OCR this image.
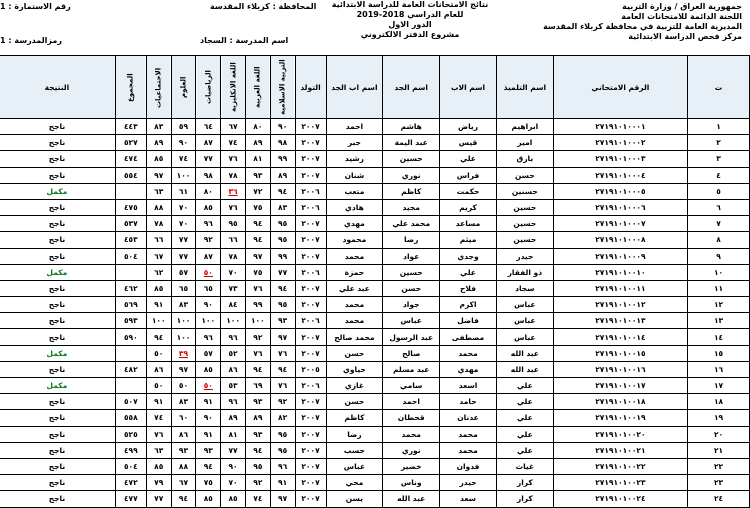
جمهورية العراق / وزارة التربية
اللجنة الدائمة للامتحانات العامة
المديرية العامة للتربية في محافظة كربلاء المقدسة
مركز فحص الدراسة الابتدائية
نتائج الامتحانات العامة للدراسة الابتدائية
للعام الدراسي 2018-2019
الدور الاول
مشروع الدفتر الالكتروني
المحافظة : كربلاء المقدسة
رقم الاستمارة : 1
اسم المدرسة : السجاد
رمزالمدرسة : 1
ت	الرقم الامتحاني	اسم التلميذ	اسم الاب	اسم الجد	اسم اب الجد	التولد	التربية الاسلامية	اللغة العربية	اللغة الانكليزية	الرياضيات	العلوم	الاجتماعيات	المجموع	النتيجة
١	٢٧١٩١٠١٠٠٠١	ابراهيم	رياض	هاشم	احمد	٢٠٠٧	٩٠	٨٠	٦٧	٦٤	٥٩	٨٣	٤٤٣	ناجح
٢	٢٧١٩١٠١٠٠٠٢	امير	قيس	عبد اليمة	جبر	٢٠٠٧	٩٨	٨٩	٧٤	٨٧	٩٠	٨٩	٥٢٧	ناجح
٣	٢٧١٩١٠١٠٠٠٣	بارق	علي	حسين	رشيد	٢٠٠٧	٩٩	٨١	٧٦	٧٧	٧٤	٨٥	٤٧٤	ناجح
٤	٢٧١٩١٠١٠٠٠٤	حسن	فراس	نوري	شنان	٢٠٠٧	٨٩	٩٣	٧٨	٩٨	١٠٠	٩٧	٥٥٤	ناجح
٥	٢٧١٩١٠١٠٠٠٥	حسنين	حكمت	كاظم	متعب	٢٠٠٦	٩٤	٧٢	٣٦	٨٠	٦١	٦٣		مكمل
٦	٢٧١٩١٠١٠٠٠٦	حسين	كريم	مجيد	هادي	٢٠٠٦	٨٣	٧٥	٧٦	٨٥	٧٠	٨٨	٤٧٥	ناجح
٧	٢٧١٩١٠١٠٠٠٧	حسين	مساعد	محمد علي	مهدي	٢٠٠٧	٩٥	٩٤	٩٥	٩٦	٧٠	٧٨	٥٣٧	ناجح
٨	٢٧١٩١٠١٠٠٠٨	حسين	ميثم	رضا	محمود	٢٠٠٧	٩٥	٩٤	٦٦	٩٢	٧٧	٦٦	٤٥٣	ناجح
٩	٢٧١٩١٠١٠٠٠٩	حيدر	وجدي	عواد	محمد	٢٠٠٧	٩٩	٩٧	٧٨	٨٧	٧٧	٦٧	٥٠٤	ناجح
١٠	٢٧١٩١٠١٠٠١٠	ذو الفقار	علي	حسين	حمزة	٢٠٠٦	٧٧	٧٥	٧٠	٥٠	٥٧	٦٢		مكمل
١١	٢٧١٩١٠١٠٠١١	سجاد	فلاح	حسن	عبد علي	٢٠٠٧	٩٤	٧٦	٧٣	٦٥	٦٥	٨٥	٤٦٢	ناجح
١٢	٢٧١٩١٠١٠٠١٢	عباس	اكرم	جواد	محمد	٢٠٠٧	٩٥	٩٩	٨٤	٩٠	٨٣	٩١	٥٦٩	ناجح
١٣	٢٧١٩١٠١٠٠١٣	عباس	فاضل	عباس	محمد	٢٠٠٦	٩٣	١٠٠	١٠٠	١٠٠	١٠٠	١٠٠	٥٩٣	ناجح
١٤	٢٧١٩١٠١٠٠١٤	عباس	مصطفى	عبد الرسول	محمد صالح	٢٠٠٧	٩٧	٩٢	٩٦	٩٦	١٠٠	٩٤	٥٩٠	ناجح
١٥	٢٧١٩١٠١٠٠١٥	عبد الله	محمد	صالح	حسن	٢٠٠٧	٧٦	٧٦	٥٢	٥٧	٣٩	٥٠		مكمل
١٦	٢٧١٩١٠١٠٠١٦	عبد الله	مهدي	عبد مسلم	حياوي	٢٠٠٥	٩٤	٩٤	٨٦	٨٥	٩٧	٨٦	٤٨٢	ناجح
١٧	٢٧١٩١٠١٠٠١٧	علي	اسعد	سامي	غازي	٢٠٠٦	٧٦	٦٩	٥٣	٥٠	٥٠	٥٠		مكمل
١٨	٢٧١٩١٠١٠٠١٨	علي	حامد	احمد	حسن	٢٠٠٧	٩٢	٩٣	٩٦	٩١	٨٣	٩١	٥٠٧	ناجح
١٩	٢٧١٩١٠١٠٠١٩	علي	عدنان	قحطان	كاظم	٢٠٠٧	٨٢	٨٩	٨٩	٩٠	٦٠	٧٤	٥٥٨	ناجح
٢٠	٢٧١٩١٠١٠٠٢٠	علي	محمد	محمد	رضا	٢٠٠٧	٩٥	٩٣	٨١	٩١	٨٦	٧٦	٥٢٥	ناجح
٢١	٢٧١٩١٠١٠٠٢١	علي	محمد	نوري	حسب	٢٠٠٧	٩٥	٩٤	٧٧	٩٣	٩٣	٦٣	٤٩٩	ناجح
٢٢	٢٧١٩١٠١٠٠٢٢	غياث	فدوان	خضير	عباس	٢٠٠٧	٩٦	٩٥	٩٠	٩٤	٨٨	٨٥	٥٠٤	ناجح
٢٣	٢٧١٩١٠١٠٠٢٣	كرار	حيدر	وناس	محي	٢٠٠٧	٩١	٩٢	٧٠	٧٥	٦٧	٧٩	٤٧٢	ناجح
٢٤	٢٧١٩١٠١٠٠٢٤	كرار	سعد	عبد الله	يسن	٢٠٠٧	٩٧	٧٤	٨٥	٨٥	٩٤	٧٧	٤٧٧	ناجح
